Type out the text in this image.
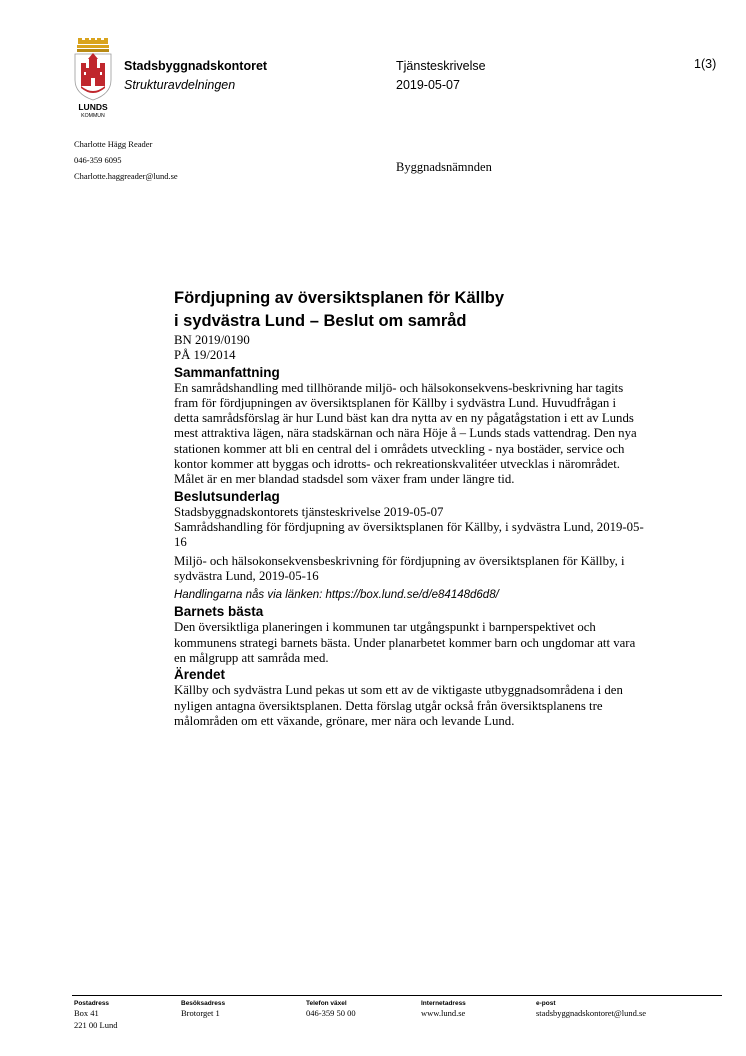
LUNDS
KOMMUN
Stadsbyggnadskontoret
Strukturavdelningen
Tjänsteskrivelse
2019-05-07
1(3)
Charlotte Hägg Reader
046-359 6095
Charlotte.haggreader@lund.se
Byggnadsnämnden
Fördjupning av översiktsplanen för Källby
i sydvästra Lund – Beslut om samråd

BN 2019/0190

PÅ 19/2014

Sammanfattning

En samrådshandling med tillhörande miljö- och hälsokonsekvens-beskrivning har tagits fram för fördjupningen av översiktsplanen för Källby i sydvästra Lund. Huvudfrågan i detta samrådsförslag är hur Lund bäst kan dra nytta av en ny pågatågstation i ett av Lunds mest attraktiva lägen, nära stadskärnan och nära Höje å – Lunds stads vattendrag. Den nya stationen kommer att bli en central del i områdets utveckling - nya bostäder, service och kontor kommer att byggas och idrotts- och rekreationskvalitéer utvecklas i närområdet. Målet är en mer blandad stadsdel som växer fram under längre tid.

Beslutsunderlag

Stadsbyggnadskontorets tjänsteskrivelse 2019-05-07

Samrådshandling för fördjupning av översiktsplanen för Källby, i sydvästra Lund, 2019-05-16

Miljö- och hälsokonsekvensbeskrivning för fördjupning av översiktsplanen för Källby, i sydvästra Lund, 2019-05-16

Handlingarna nås via länken: https://box.lund.se/d/e84148d6d8/

Barnets bästa

Den översiktliga planeringen i kommunen tar utgångspunkt i barnperspektivet och kommunens strategi barnets bästa. Under planarbetet kommer barn och ungdomar att vara en målgrupp att samråda med.

Ärendet

Källby och sydvästra Lund pekas ut som ett av de viktigaste utbyggnadsområdena i den nyligen antagna översiktsplanen. Detta förslag utgår också från översiktsplanens tre målområden om ett växande, grönare, mer nära och levande Lund.

Postadress
Box 41
221 00 Lund
Besöksadress
Brotorget 1
Telefon växel
046-359 50 00
Internetadress
www.lund.se
e-post
stadsbyggnadskontoret@lund.se
